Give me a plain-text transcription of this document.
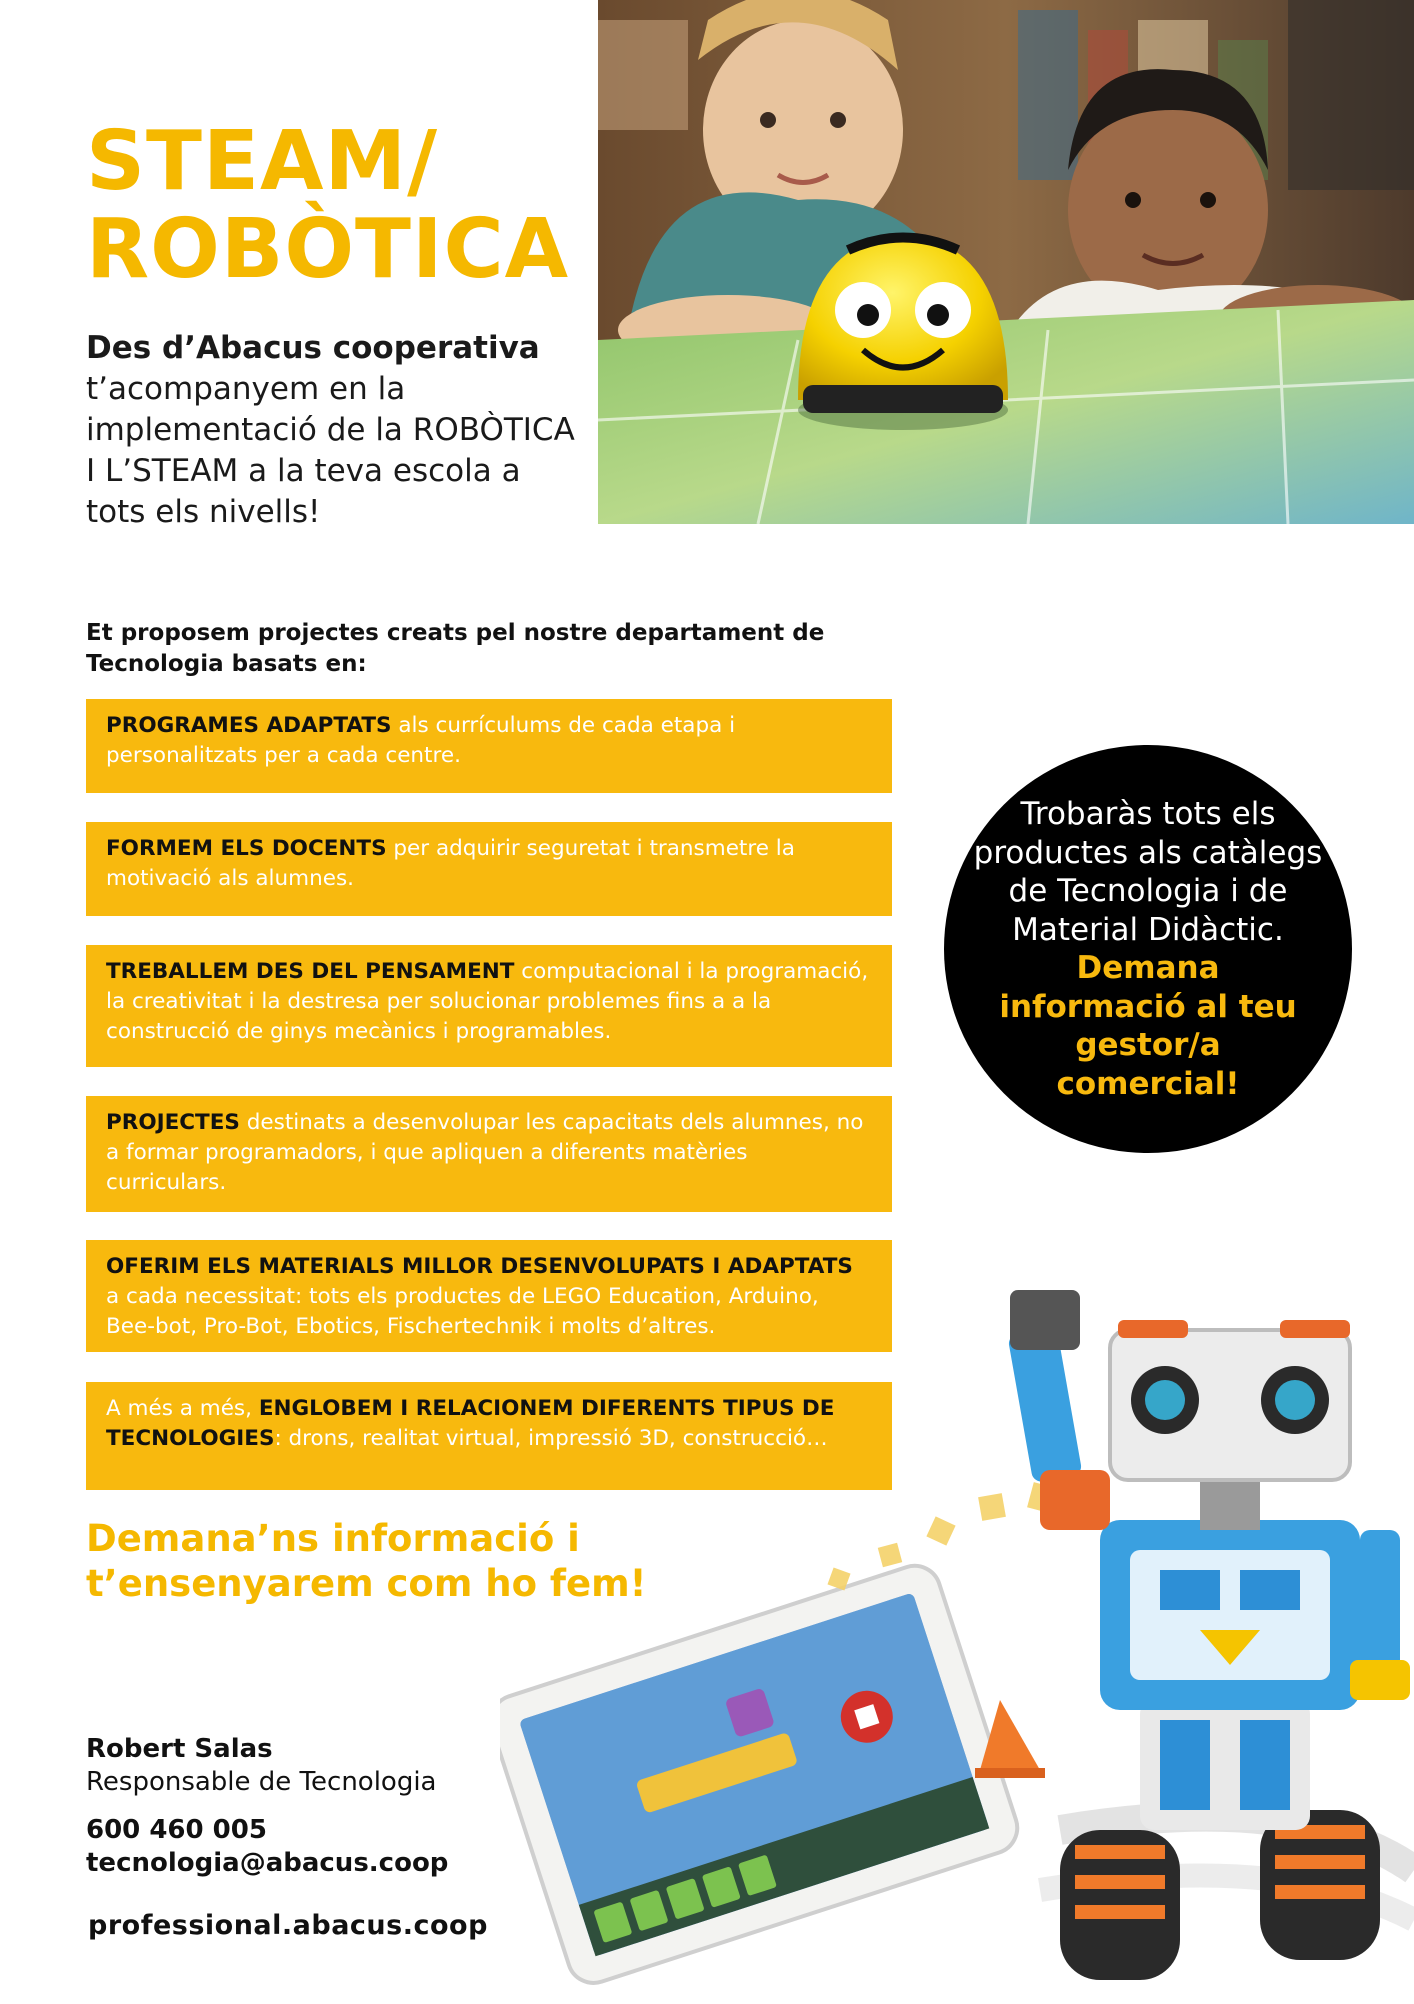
STEAM/
ROBÒTICA
Des d’Abacus cooperativa
t’acompanyem en la implementació de la ROBÒTICA I L’STEAM a la teva escola a tots els nivells!
Et proposem projectes creats pel nostre departament de Tecnologia basats en:
PROGRAMES ADAPTATS als currículums de cada etapa i personalitzats per a cada centre.
FORMEM ELS DOCENTS per adquirir seguretat i transmetre la motivació als alumnes.
TREBALLEM DES DEL PENSAMENT computacional i la programació, la creativitat i la destresa per solucionar problemes fins a a la construcció de ginys mecànics i programables.
PROJECTES destinats a desenvolupar les capacitats dels alumnes, no a formar programadors, i que apliquen a diferents matèries curriculars.
OFERIM ELS MATERIALS MILLOR DESENVOLUPATS I ADAPTATS a cada necessitat: tots els productes de LEGO Education, Arduino, Bee-bot, Pro-Bot, Ebotics, Fischertechnik i molts d’altres.
A més a més, ENGLOBEM I RELACIONEM DIFERENTS TIPUS DE TECNOLOGIES: drons, realitat virtual, impressió 3D, construcció…
Trobaràs tots els productes als catàlegs de Tecnologia i de Material Didàctic.
Demana informació al teu gestor/a comercial!
Demana’ns informació i
t’ensenyarem com ho fem!
Robert Salas
Responsable de Tecnologia
600 460 005
tecnologia@abacus.coop
professional.abacus.coop
